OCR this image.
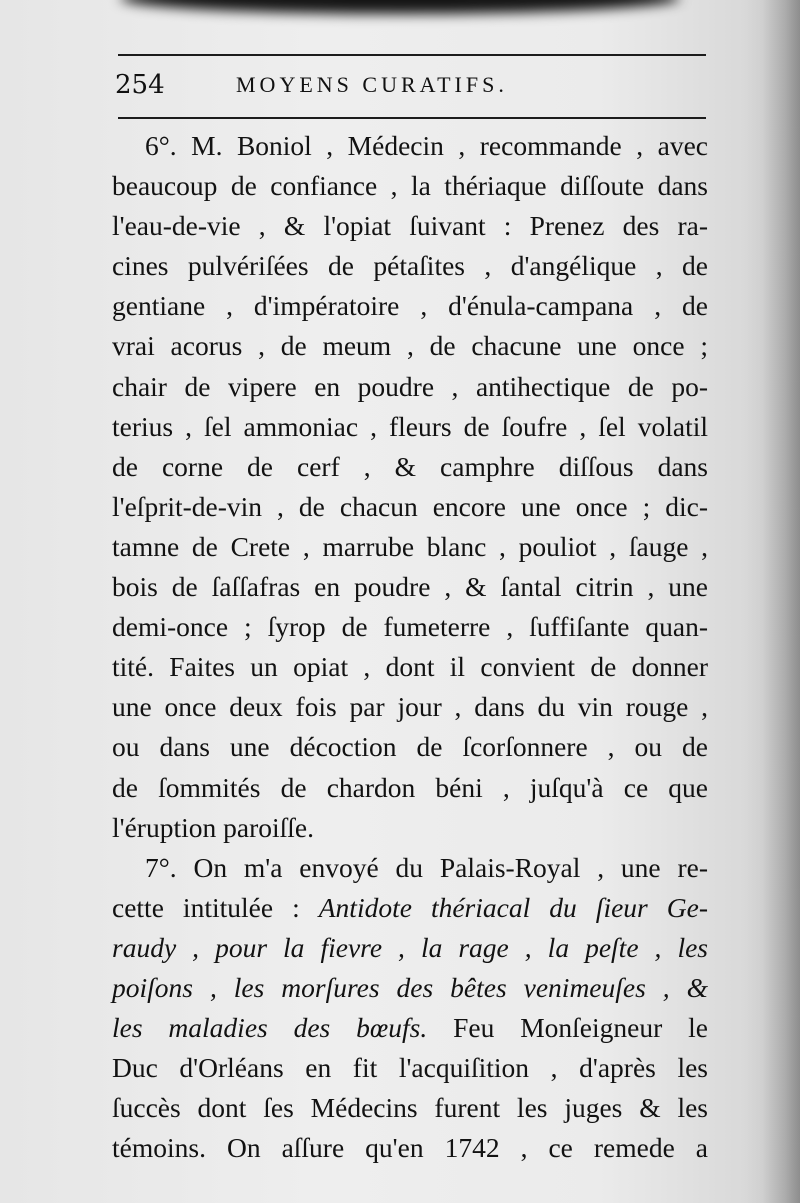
254	MOYENS CURATIFS.
6°. M. Boniol , Médecin , recommande , avec
beaucoup de confiance , la thériaque diſſoute dans
l'eau-de-vie , & l'opiat ſuivant : Prenez des ra-
cines pulvériſées de pétaſites , d'angélique , de
gentiane , d'impératoire , d'énula-campana , de
vrai acorus , de meum , de chacune une once ;
chair de vipere en poudre , antihectique de po-
terius , ſel ammoniac , fleurs de ſoufre , ſel volatil
de corne de cerf , & camphre diſſous dans
l'eſprit-de-vin , de chacun encore une once ; dic-
tamne de Crete , marrube blanc , pouliot , ſauge ,
bois de ſaſſafras en poudre , & ſantal citrin , une
demi-once ; ſyrop de fumeterre , ſuffiſante quan-
tité. Faites un opiat , dont il convient de donner
une once deux fois par jour , dans du vin rouge ,
ou dans une décoction de ſcorſonnere , ou de
de ſommités de chardon béni , juſqu'à ce que
l'éruption paroiſſe.
7°. On m'a envoyé du Palais-Royal , une re-
cette intitulée : Antidote thériacal du ſieur Ge-
raudy , pour la fievre , la rage , la peſte , les
poiſons , les morſures des bêtes venimeuſes , &
les maladies des bœufs. Feu Monſeigneur le
Duc d'Orléans en fit l'acquiſition , d'après les
ſuccès dont ſes Médecins furent les juges & les
témoins. On aſſure qu'en 1742 , ce remede a
